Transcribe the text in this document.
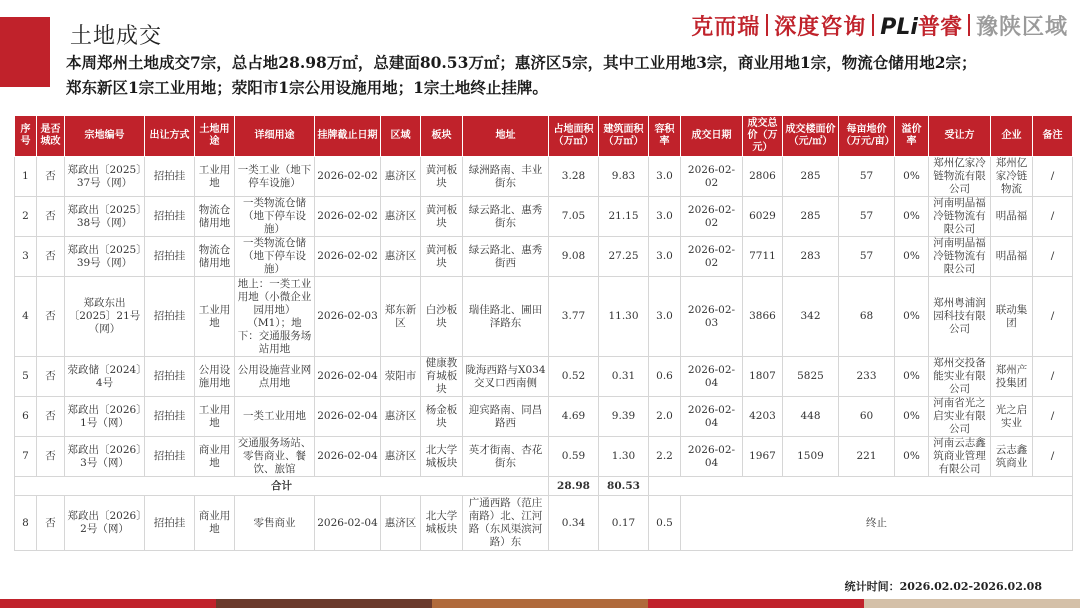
土地成交	克而瑞 深度咨询 PLi普睿 豫陕区域
本周郑州土地成交7宗，总占地28.98万㎡，总建面80.53万㎡；惠济区5宗，其中工业用地3宗，商业用地1宗，物流仓储用地2宗；
郑东新区1宗工业用地；荥阳市1宗公用设施用地；1宗土地终止挂牌。
序号	是否城改	宗地编号	出让方式	土地用途	详细用途	挂牌截止日期	区域	板块	地址	占地面积（万㎡）	建筑面积（万㎡）	容积率	成交日期	成交总价（万元）	成交楼面价（元/㎡）	每亩地价（万元/亩）	溢价率	受让方	企业	备注
1	否	郑政出〔2025〕37号（网）	招拍挂	工业用地	一类工业（地下停车设施）	2026-02-02	惠济区	黄河板块	绿洲路南、丰业街东	3.28	9.83	3.0	2026-02-02	2806	285	57	0%	郑州亿家冷链物流有限公司	郑州亿家冷链物流	/
2	否	郑政出〔2025〕38号（网）	招拍挂	物流仓储用地	一类物流仓储（地下停车设施）	2026-02-02	惠济区	黄河板块	绿云路北、惠秀街东	7.05	21.15	3.0	2026-02-02	6029	285	57	0%	河南明晶福冷链物流有限公司	明晶福	/
3	否	郑政出〔2025〕39号（网）	招拍挂	物流仓储用地	一类物流仓储（地下停车设施）	2026-02-02	惠济区	黄河板块	绿云路北、惠秀街西	9.08	27.25	3.0	2026-02-02	7711	283	57	0%	河南明晶福冷链物流有限公司	明晶福	/
4	否	郑政东出〔2025〕21号（网）	招拍挂	工业用地	地上：一类工业用地（小微企业园用地）（M1）；地下：交通服务场站用地	2026-02-03	郑东新区	白沙板块	瑞佳路北、圃田泽路东	3.77	11.30	3.0	2026-02-03	3866	342	68	0%	郑州粤浦润园科技有限公司	联动集团	/
5	否	荥政储〔2024〕4号	招拍挂	公用设施用地	公用设施营业网点用地	2026-02-04	荥阳市	健康教育城板块	陇海西路与X034交叉口西南侧	0.52	0.31	0.6	2026-02-04	1807	5825	233	0%	郑州交投备能实业有限公司	郑州产投集团	/
6	否	郑政出〔2026〕1号（网）	招拍挂	工业用地	一类工业用地	2026-02-04	惠济区	杨金板块	迎宾路南、同昌路西	4.69	9.39	2.0	2026-02-04	4203	448	60	0%	河南省光之启实业有限公司	光之启实业	/
7	否	郑政出〔2026〕3号（网）	招拍挂	商业用地	交通服务场站、零售商业、餐饮、旅馆	2026-02-04	惠济区	北大学城板块	英才街南、杏花街东	0.59	1.30	2.2	2026-02-04	1967	1509	221	0%	河南云志鑫筑商业管理有限公司	云志鑫筑商业	/
合计										28.98	80.53									
8	否	郑政出〔2026〕2号（网）	招拍挂	商业用地	零售商业	2026-02-04	惠济区	北大学城板块	广通西路（范庄南路）北、江河路（东风渠滨河路）东	0.34	0.17	0.5	终止							
统计时间：2026.02.02-2026.02.08
